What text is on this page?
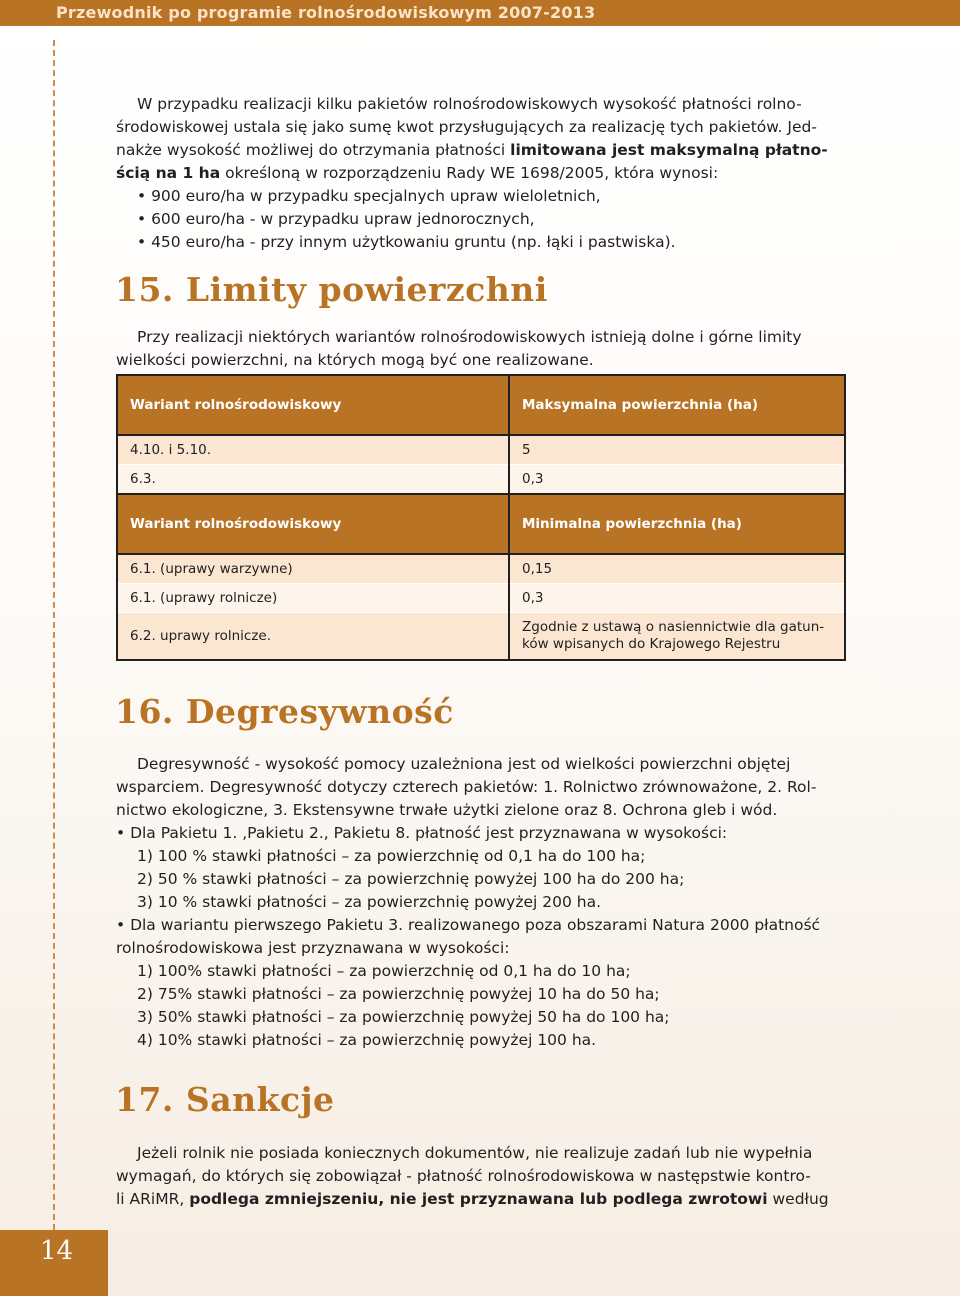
Przewodnik po programie rolnośrodowiskowym 2007-2013
14
W przypadku realizacji kilku pakietów rolnośrodowiskowych wysokość płatności rolno-
środowiskowej ustala się jako sumę kwot przysługujących za realizację tych pakietów. Jed-
nakże wysokość możliwej do otrzymania płatności limitowana jest maksymalną płatno-
ścią na 1 ha określoną w rozporządzeniu Rady WE 1698/2005, która wynosi:
• 900 euro/ha w przypadku specjalnych upraw wieloletnich,
• 600 euro/ha - w przypadku upraw jednorocznych,
• 450 euro/ha - przy innym użytkowaniu gruntu (np. łąki i pastwiska).
15. Limity powierzchni
Przy realizacji niektórych wariantów rolnośrodowiskowych istnieją dolne i górne limity
wielkości powierzchni, na których mogą być one realizowane.
Wariant rolnośrodowiskowy	Maksymalna powierzchnia (ha)
4.10. i 5.10.	5
6.3.	0,3
Wariant rolnośrodowiskowy	Minimalna powierzchnia (ha)
6.1. (uprawy warzywne)	0,15
6.1. (uprawy rolnicze)	0,3
6.2. uprawy rolnicze.	Zgodnie z ustawą o nasiennictwie dla gatun-
ków wpisanych do Krajowego Rejestru
16. Degresywność
Degresywność - wysokość pomocy uzależniona jest od wielkości powierzchni objętej
wsparciem. Degresywność dotyczy czterech pakietów: 1. Rolnictwo zrównoważone, 2. Rol-
nictwo ekologiczne, 3. Ekstensywne trwałe użytki zielone oraz 8. Ochrona gleb i wód.
• Dla Pakietu 1. ,Pakietu 2., Pakietu 8. płatność jest przyznawana w wysokości:
1) 100 % stawki płatności – za powierzchnię od 0,1 ha do 100 ha;
2) 50 % stawki płatności – za powierzchnię powyżej 100 ha do 200 ha;
3) 10 % stawki płatności – za powierzchnię powyżej 200 ha.
• Dla wariantu pierwszego Pakietu 3. realizowanego poza obszarami Natura 2000 płatność
rolnośrodowiskowa jest przyznawana w wysokości:
1) 100% stawki płatności – za powierzchnię od 0,1 ha do 10 ha;
2) 75% stawki płatności – za powierzchnię powyżej 10 ha do 50 ha;
3) 50% stawki płatności – za powierzchnię powyżej 50 ha do 100 ha;
4) 10% stawki płatności – za powierzchnię powyżej 100 ha.
17. Sankcje
Jeżeli rolnik nie posiada koniecznych dokumentów, nie realizuje zadań lub nie wypełnia
wymagań, do których się zobowiązał - płatność rolnośrodowiskowa w następstwie kontro-
li ARiMR, podlega zmniejszeniu, nie jest przyznawana lub podlega zwrotowi według
